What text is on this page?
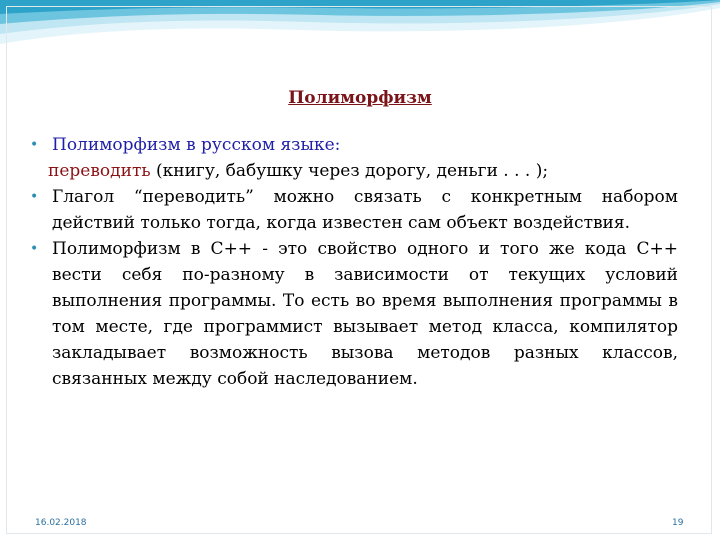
Полиморфизм
• Полиморфизм в русском языке:
переводить (книгу, бабушку через дорогу, деньги . . . );
• Глагол “переводить” можно связать с конкретным набором действий только тогда, когда известен сам объект воздействия.
• Полиморфизм в C++ - это свойство одного и того же кода C++ вести себя по-разному в зависимости от текущих условий выполнения программы. То есть во время выполнения программы в том месте, где программист вызывает метод класса, компилятор закладывает возможность вызова методов разных классов, связанных между собой наследованием.
16.02.2018	19
